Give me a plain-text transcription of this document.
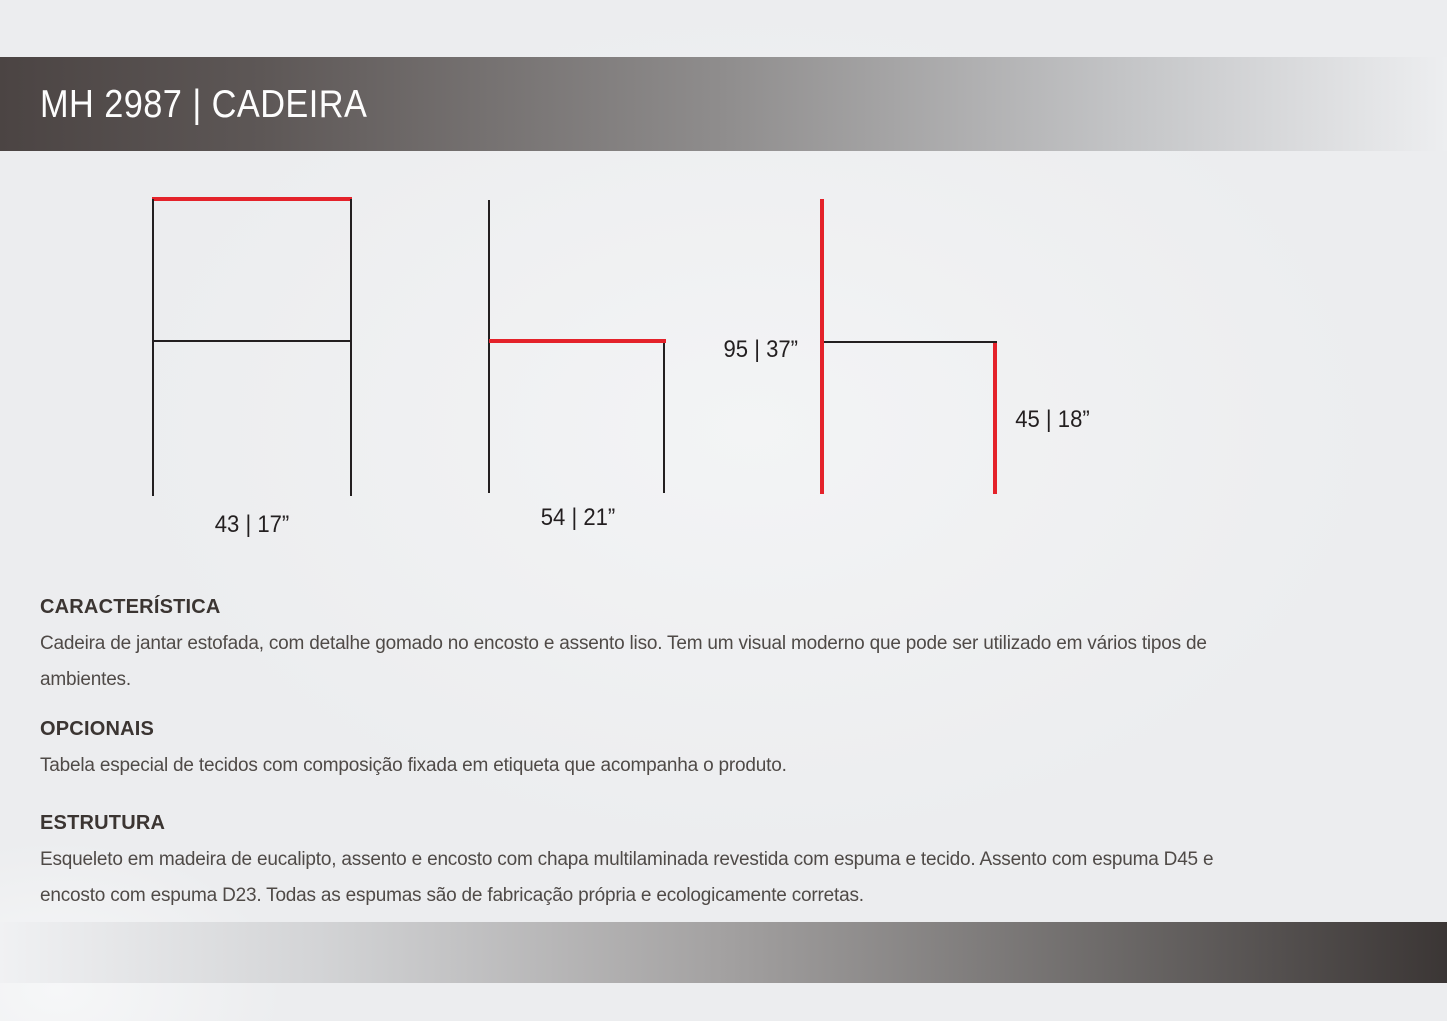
MH 2987 | CADEIRA
43 | 17”	54 | 21”
95 | 37”
45 | 18”
CARACTERÍSTICA

Cadeira de jantar estofada, com detalhe gomado no encosto e assento liso. Tem um visual moderno que pode ser utilizado em vários tipos de ambientes.

OPCIONAIS

Tabela especial de tecidos com composição fixada em etiqueta que acompanha o produto.

ESTRUTURA

Esqueleto em madeira de eucalipto, assento e encosto com chapa multilaminada revestida com espuma e tecido. Assento com espuma D45 e encosto com espuma D23. Todas as espumas são de fabricação própria e ecologicamente corretas.
